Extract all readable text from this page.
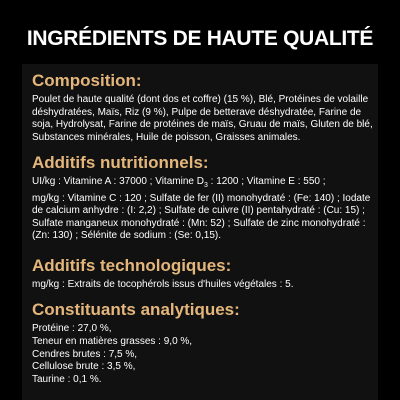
INGRÉDIENTS DE HAUTE QUALITÉ
Composition:

Poulet de haute qualité (dont dos et coffre) (15 %), Blé, Protéines de volaille déshydratées, Maïs, Riz (9 %), Pulpe de betterave déshydratée, Farine de soja, Hydrolysat, Farine de protéines de maïs, Gruau de maïs, Gluten de blé, Substances minérales, Huile de poisson, Graisses animales.

Additifs nutritionnels:

UI/kg : Vitamine A : 37000 ; Vitamine $D_3$ : 1200 ; Vitamine E : 550 ;
mg/kg : Vitamine C : 120 ; Sulfate de fer (II) monohydraté : (Fe: 140) ; Iodate de calcium anhydre : (I: 2,2) ; Sulfate de cuivre (II) pentahydraté : (Cu: 15) ; Sulfate manganeux monohydraté : (Mn: 52) ; Sulfate de zinc monohydraté : (Zn: 130) ; Sélénite de sodium : (Se: 0,15).

Additifs technologiques:

mg/kg : Extraits de tocophérols issus d'huiles végétales : 5.

Constituants analytiques:

Protéine : 27,0 %,
Teneur en matières grasses : 9,0 %,
Cendres brutes : 7,5 %,
Cellulose brute : 3,5 %,
Taurine : 0,1 %.
